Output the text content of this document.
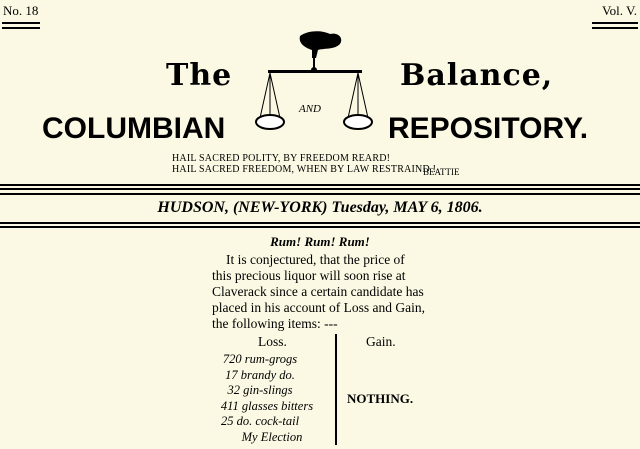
No. 18	Vol. V.
The	Balance,
COLUMBIAN	REPOSITORY.
AND
HAIL SACRED POLITY, BY FREEDOM REARD!
HAIL SACRED FREEDOM, WHEN BY LAW RESTRAIND !
BEATTIE
HUDSON, (NEW-YORK) Tuesday, MAY 6, 1806.
Rum! Rum! Rum!
It is conjectured, that the price of
this precious liquor will soon rise at
Claverack since a certain candidate has
placed in his account of Loss and Gain,
the following items: ---
Loss.	Gain.
720 rum-grogs
17 brandy do.
32 gin-slings
411 glasses bitters
25 do. cock-tail
My Election
NOTHING.
